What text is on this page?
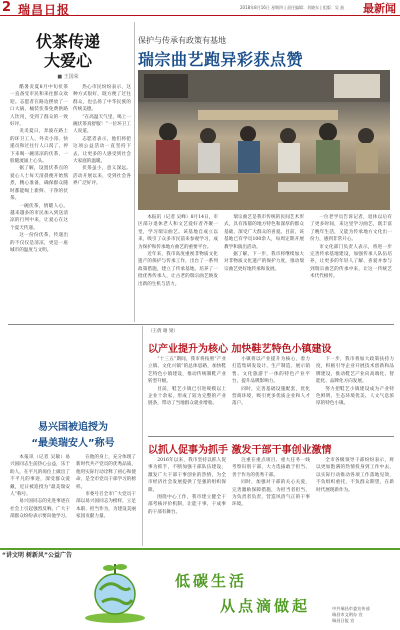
2 瑞昌日报	2018年8月16日 星期四 | 责任编辑：刘晓东 | 组版：吴 喆 最新闻
伏茶传递
大爱心
■ 王国荣

酷暑炎夏8月中旬伏茶一直备受市民和来往群众欢迎。志愿者在路边摆放了一口大锅，桶装伏茶免费供路人饮用，受到了群众的一致好评。

炎炎夏日，奔波在路上的环卫工人、外卖小哥、快递员和过往行人口渴了，停下来喝一碗清凉的伏茶，一股暖流涌上心头。

据了解，设置伏茶点的爱心人士每天清晨便开始熬煮，精心准备，确保群众随时都能喝上新鲜、干净的伏茶。

一碗伏茶，情暖人心。越来越多的市民加入到送清凉的行列中来，让爱心在这个夏天传递。

这一份份伏茶，传递出的不仅仅是清凉，更是一座城市的温度与文明。

热心市民纷纷表示，这种方式很好，既方便了过往群众，也弘扬了中华民族的传统美德。

“在高温天气里，喝上一碗伏茶真舒服！”一位环卫工人说道。

志愿者表示，他们将把这项公益活动一直坚持下去，让更多的人感受到社会大家庭的温暖。

伏茶虽小，意义深远。活动开展以来，受到社会各界广泛好评。

保护与传承有政策有基地
瑞宗曲艺跑异彩获点赞

本报讯（记者 吴峰）8月14日，市区部分退休老人和文艺爱好者齐聚一堂，学习瑞宗曲艺。该基地自成立以来，吸引了众多市民前来参观学习，成为保护和传承地方曲艺的重要平台。

近年来，我市高度重视非物质文化遗产的保护与传承工作，出台了一系列政策措施，建立了传承基地，培养了一批优秀传承人，让古老的瑞宗曲艺焕发出新的生机与活力。

瑞宗曲艺是我市传统的民间艺术形式，具有浓郁的地方特色和深厚的群众基础，深受广大群众的喜爱。目前，该基地已有学员100余人，每周定期开展教学和演出活动。

据了解，下一步，我市将继续加大对非物质文化遗产的保护力度，推动瑞宗曲艺更好地传承和发展。

一位老学员告诉记者，退休以后有了更多时间，来这里学习曲艺，既丰富了晚年生活，又能为传承地方文化出一份力，感到非常开心。

市文化部门负责人表示，将进一步完善传承基地建设，加强传承人队伍培养，让更多的年轻人了解、喜爱并参与到瑞宗曲艺的传承中来，让这一传统艺术代代相传。

（王倩 谢 梁）
以产业提升为核心 加快鞋艺特色小镇建设

“十三五”期间，我市将按照“产业立镇、文化兴镇”的总体思路，加快鞋艺特色小镇建设，推动传统制鞋产业转型升级。

目前，鞋艺小镇已引进规模以上企业十余家，形成了较为完整的产业链条，带动了当地群众就业增收。

小镇将以产业提升为核心，着力打造集研发设计、生产制造、展示销售、文化旅游于一体的特色产业平台，提升品牌影响力。

同时，完善基础设施配套，优化营商环境，吸引更多优质企业和人才落户。

下一步，我市将加大政策扶持力度，积极引导企业开展技术创新和品牌建设，推动鞋艺产业向高端化、智能化、品牌化方向发展。

努力把鞋艺小镇建设成为产业特色鲜明、生态环境优美、人文气息浓厚的特色小镇。

易兴国被追授为
“最美瑞安人”称号

本报讯（记者 吴敏）易兴国同志生前热心公益，乐于助人，在平凡的岗位上做出了不平凡的事迹，深受群众爱戴，近日被追授为“最美瑞安人”称号。

易兴国同志的先进事迹在社会上引起强烈反响，广大干部群众纷纷表示要向他学习。

在他的身上，充分体现了新时代共产党员的优秀品质，他用实际行动诠释了初心和使命，是全市党员干部学习的榜样。

市委号召全市广大党员干部以易兴国同志为榜样，立足本职、担当作为，为建设美丽家园贡献力量。

以抓人促事为抓手 激发干部干事创业激情

2016年以来，我市坚持以抓人促事为抓手，不断加强干部队伍建设，激发广大干部干事创业的热情，为全市经济社会发展提供了坚强的组织保障。

围绕中心工作，我市建立健全干部考核评价机制，让能干事、干成事的干部有舞台。

注重在重点项目、重大任务一线考察识别干部，大力选拔敢于担当、善于作为的优秀干部。

同时，加强对干部的关心关爱，完善激励保障措施，为担当者担当，为负责者负责，营造风清气正的干事环境。

全市各级领导干部纷纷表示，将以更加饱满的热情投身到工作中去，以实际行动推动各项工作落地见效，不负组织重托，不负群众期望，在新时代展现新作为。

“讲文明 树新风”公益广告
低碳生活
从点滴做起	中共瑞昌市委宣传部
瑞昌市文明办 宣
瑞昌日报 宣
